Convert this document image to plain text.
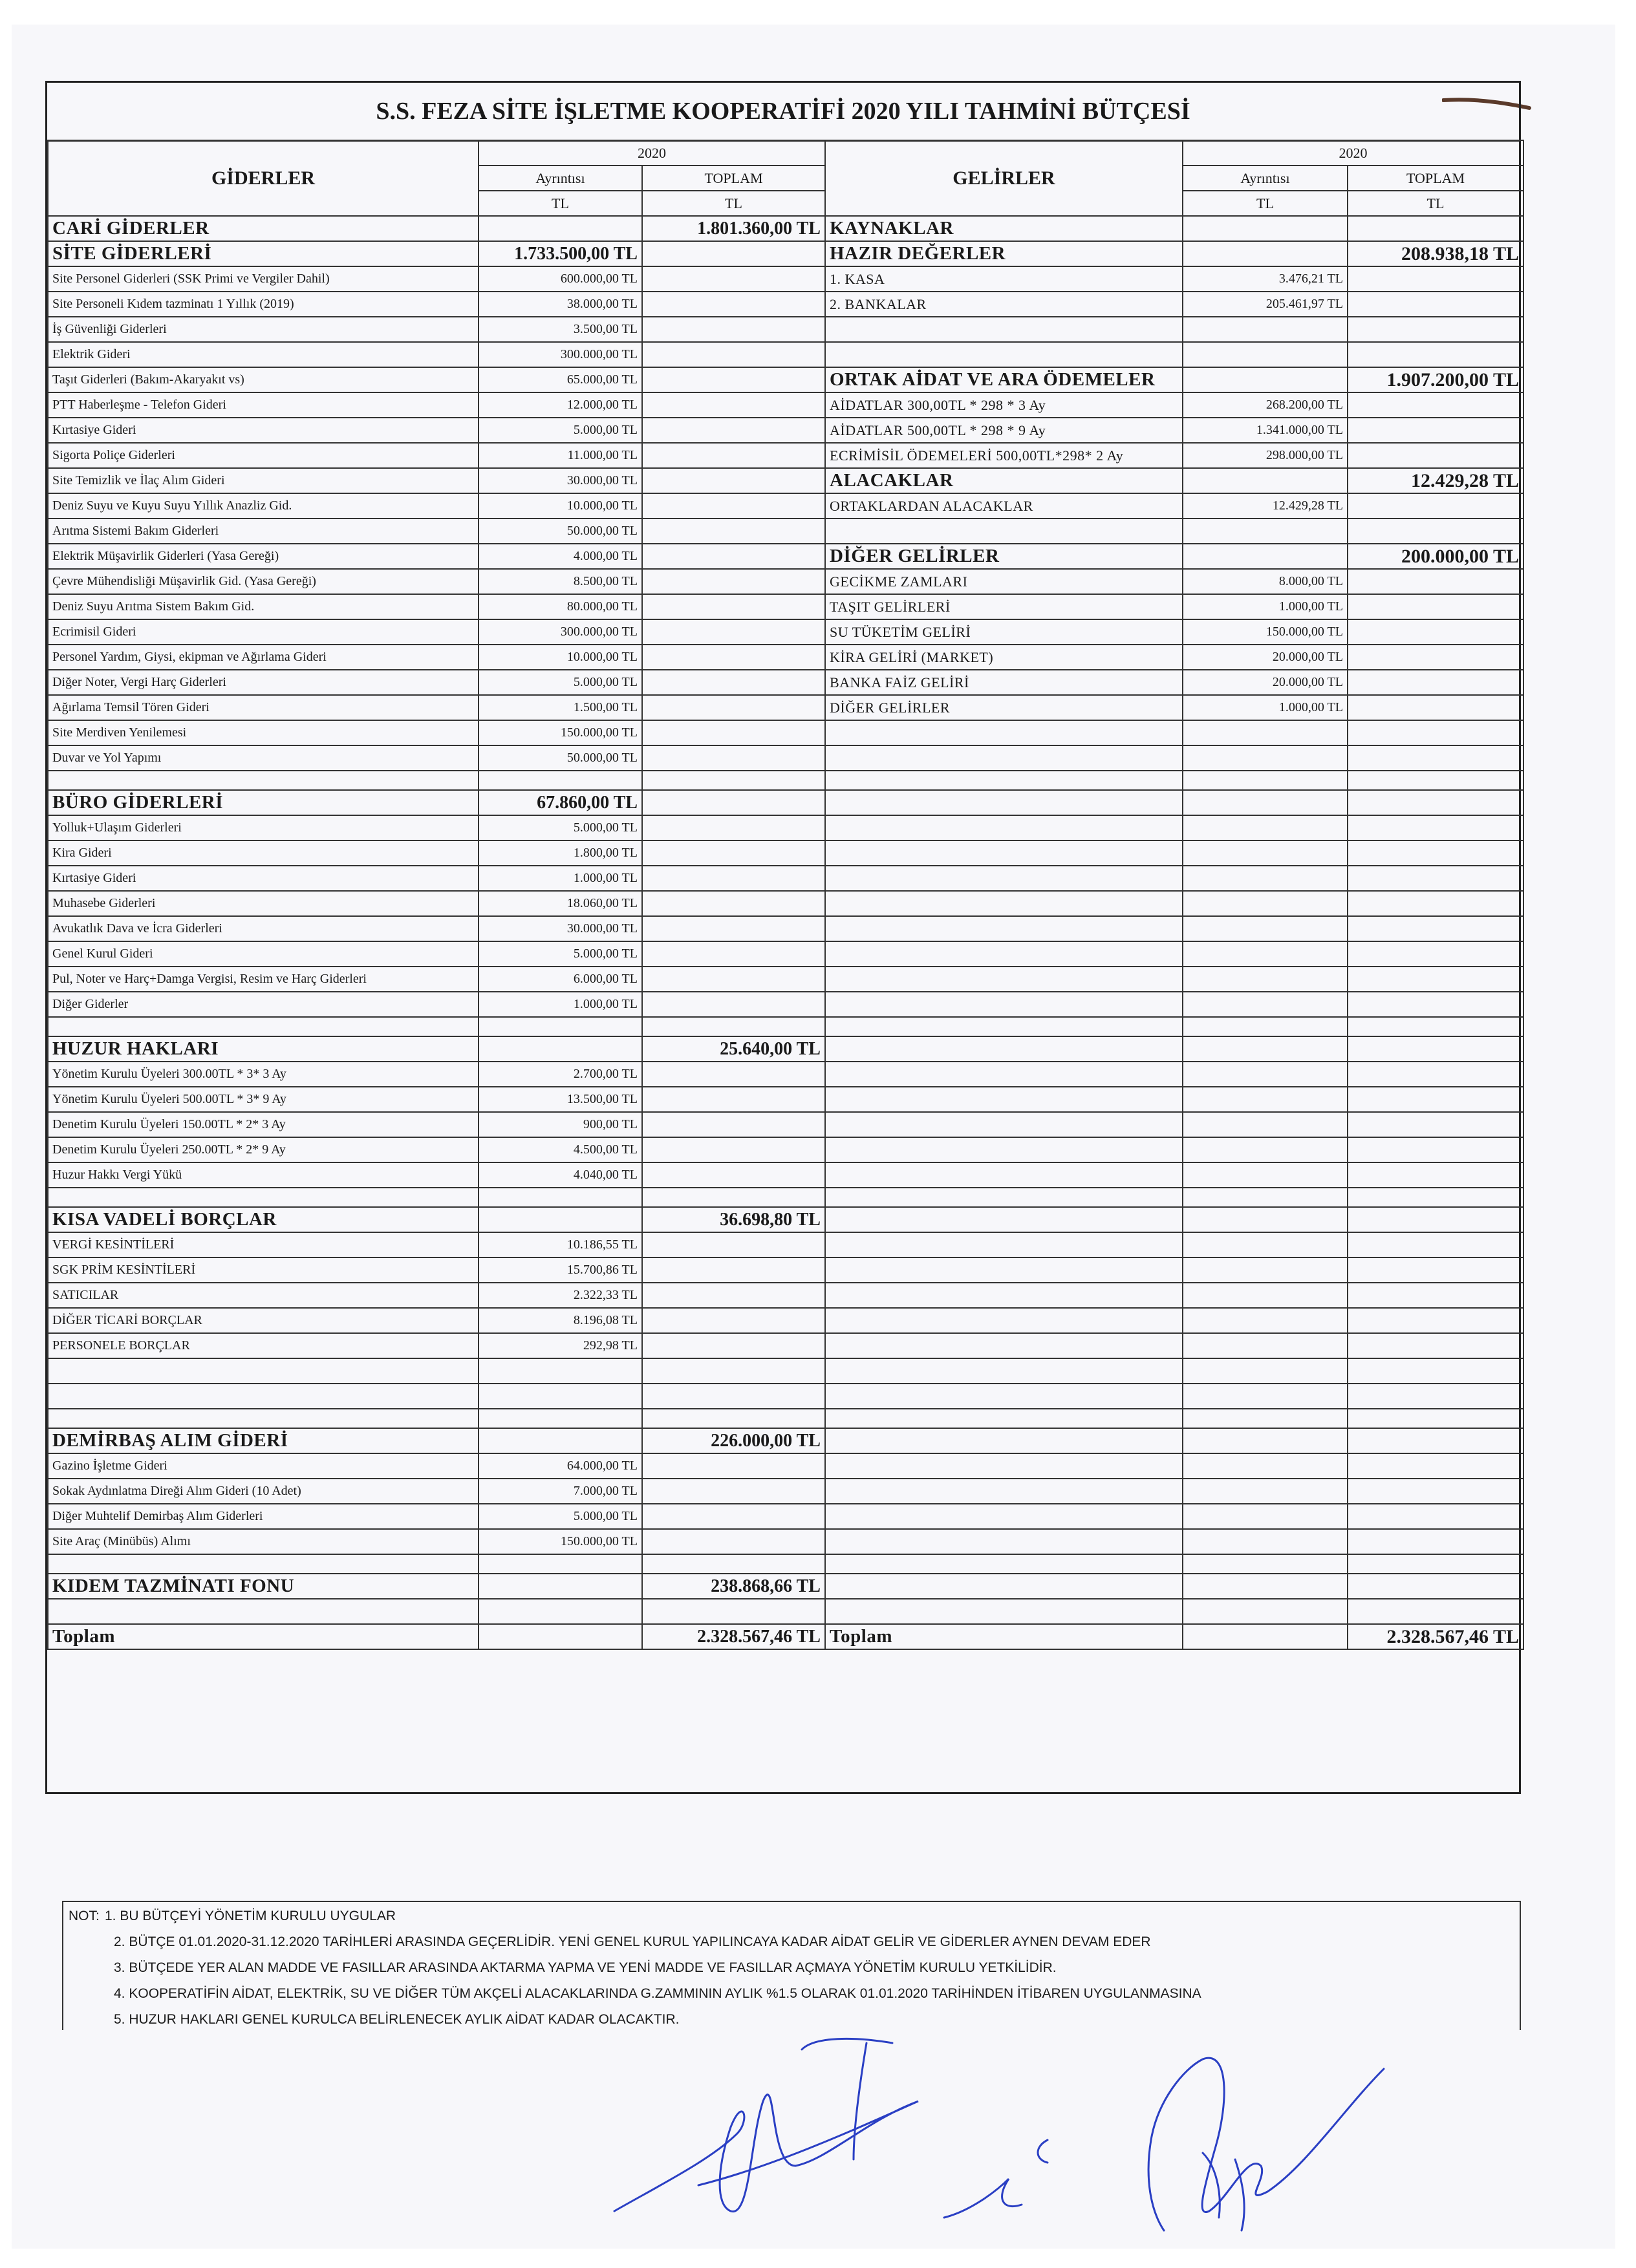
S.S. FEZA SİTE İŞLETME KOOPERATİFİ 2020 YILI TAHMİNİ BÜTÇESİ
GİDERLER	2020		GELİRLER	2020	
	Ayrıntısı	TOPLAM		Ayrıntısı	TOPLAM
	TL	TL		TL	TL
CARİ GİDERLER		1.801.360,00 TL	KAYNAKLAR		
SİTE GİDERLERİ	1.733.500,00 TL		HAZIR DEĞERLER		208.938,18 TL
Site Personel Giderleri (SSK Primi ve Vergiler Dahil)	600.000,00 TL		1. KASA	3.476,21 TL	
Site Personeli Kıdem tazminatı 1 Yıllık (2019)	38.000,00 TL		2. BANKALAR	205.461,97 TL	
İş Güvenliği Giderleri	3.500,00 TL				
Elektrik Gideri	300.000,00 TL				
Taşıt Giderleri (Bakım-Akaryakıt vs)	65.000,00 TL		ORTAK AİDAT VE ARA ÖDEMELER		1.907.200,00 TL
PTT Haberleşme - Telefon Gideri	12.000,00 TL		AİDATLAR 300,00TL * 298 * 3 Ay	268.200,00 TL	
Kırtasiye Gideri	5.000,00 TL		AİDATLAR 500,00TL * 298 * 9 Ay	1.341.000,00 TL	
Sigorta Poliçe Giderleri	11.000,00 TL		ECRİMİSİL ÖDEMELERİ 500,00TL*298* 2 Ay	298.000,00 TL	
Site Temizlik ve İlaç Alım Gideri	30.000,00 TL		ALACAKLAR		12.429,28 TL
Deniz Suyu ve Kuyu Suyu Yıllık Anazliz Gid.	10.000,00 TL		ORTAKLARDAN ALACAKLAR	12.429,28 TL	
Arıtma Sistemi Bakım Giderleri	50.000,00 TL				
Elektrik Müşavirlik Giderleri (Yasa Gereği)	4.000,00 TL		DİĞER GELİRLER		200.000,00 TL
Çevre Mühendisliği Müşavirlik Gid. (Yasa Gereği)	8.500,00 TL		GECİKME ZAMLARI	8.000,00 TL	
Deniz Suyu Arıtma Sistem Bakım Gid.	80.000,00 TL		TAŞIT GELİRLERİ	1.000,00 TL	
Ecrimisil Gideri	300.000,00 TL		SU TÜKETİM GELİRİ	150.000,00 TL	
Personel Yardım, Giysi, ekipman ve Ağırlama Gideri	10.000,00 TL		KİRA GELİRİ (MARKET)	20.000,00 TL	
Diğer Noter, Vergi Harç Giderleri	5.000,00 TL		BANKA FAİZ GELİRİ	20.000,00 TL	
Ağırlama Temsil Tören Gideri	1.500,00 TL		DİĞER GELİRLER	1.000,00 TL	
Site Merdiven Yenilemesi	150.000,00 TL				
Duvar ve Yol Yapımı	50.000,00 TL				

BÜRO GİDERLERİ	67.860,00 TL				
Yolluk+Ulaşım Giderleri	5.000,00 TL				
Kira Gideri	1.800,00 TL				
Kırtasiye Gideri	1.000,00 TL				
Muhasebe Giderleri	18.060,00 TL				
Avukatlık Dava ve İcra Giderleri	30.000,00 TL				
Genel Kurul Gideri	5.000,00 TL				
Pul, Noter ve Harç+Damga Vergisi, Resim ve Harç Giderleri	6.000,00 TL				
Diğer Giderler	1.000,00 TL				

HUZUR HAKLARI		25.640,00 TL			
Yönetim Kurulu Üyeleri 300.00TL * 3* 3 Ay	2.700,00 TL				
Yönetim Kurulu Üyeleri 500.00TL * 3* 9 Ay	13.500,00 TL				
Denetim Kurulu Üyeleri 150.00TL * 2* 3 Ay	900,00 TL				
Denetim Kurulu Üyeleri 250.00TL * 2* 9 Ay	4.500,00 TL				
Huzur Hakkı Vergi Yükü	4.040,00 TL				

KISA VADELİ BORÇLAR		36.698,80 TL			
VERGİ KESİNTİLERİ	10.186,55 TL				
SGK PRİM KESİNTİLERİ	15.700,86 TL				
SATICILAR	2.322,33 TL				
DİĞER TİCARİ BORÇLAR	8.196,08 TL				
PERSONELE BORÇLAR	292,98 TL				

DEMİRBAŞ ALIM GİDERİ		226.000,00 TL			
Gazino İşletme Gideri	64.000,00 TL				
Sokak Aydınlatma Direği Alım Gideri (10 Adet)	7.000,00 TL				
Diğer Muhtelif Demirbaş Alım Giderleri	5.000,00 TL				
Site Araç (Minübüs) Alımı	150.000,00 TL				

KIDEM TAZMİNATI FONU		238.868,66 TL			

Toplam		2.328.567,46 TL	Toplam		2.328.567,46 TL
NOT: 1. BU BÜTÇEYİ YÖNETİM KURULU UYGULAR
2. BÜTÇE 01.01.2020-31.12.2020 TARİHLERİ ARASINDA GEÇERLİDİR. YENİ GENEL KURUL YAPILINCAYA KADAR AİDAT GELİR VE GİDERLER AYNEN DEVAM EDER
3. BÜTÇEDE YER ALAN MADDE VE FASILLAR ARASINDA AKTARMA YAPMA VE YENİ MADDE VE FASILLAR AÇMAYA YÖNETİM KURULU YETKİLİDİR.
4. KOOPERATİFİN AİDAT, ELEKTRİK, SU VE DİĞER TÜM AKÇELİ ALACAKLARINDA G.ZAMMININ AYLIK %1.5 OLARAK 01.01.2020 TARİHİNDEN İTİBAREN UYGULANMASINA
5. HUZUR HAKLARI GENEL KURULCA BELİRLENECEK AYLIK AİDAT KADAR OLACAKTIR.
